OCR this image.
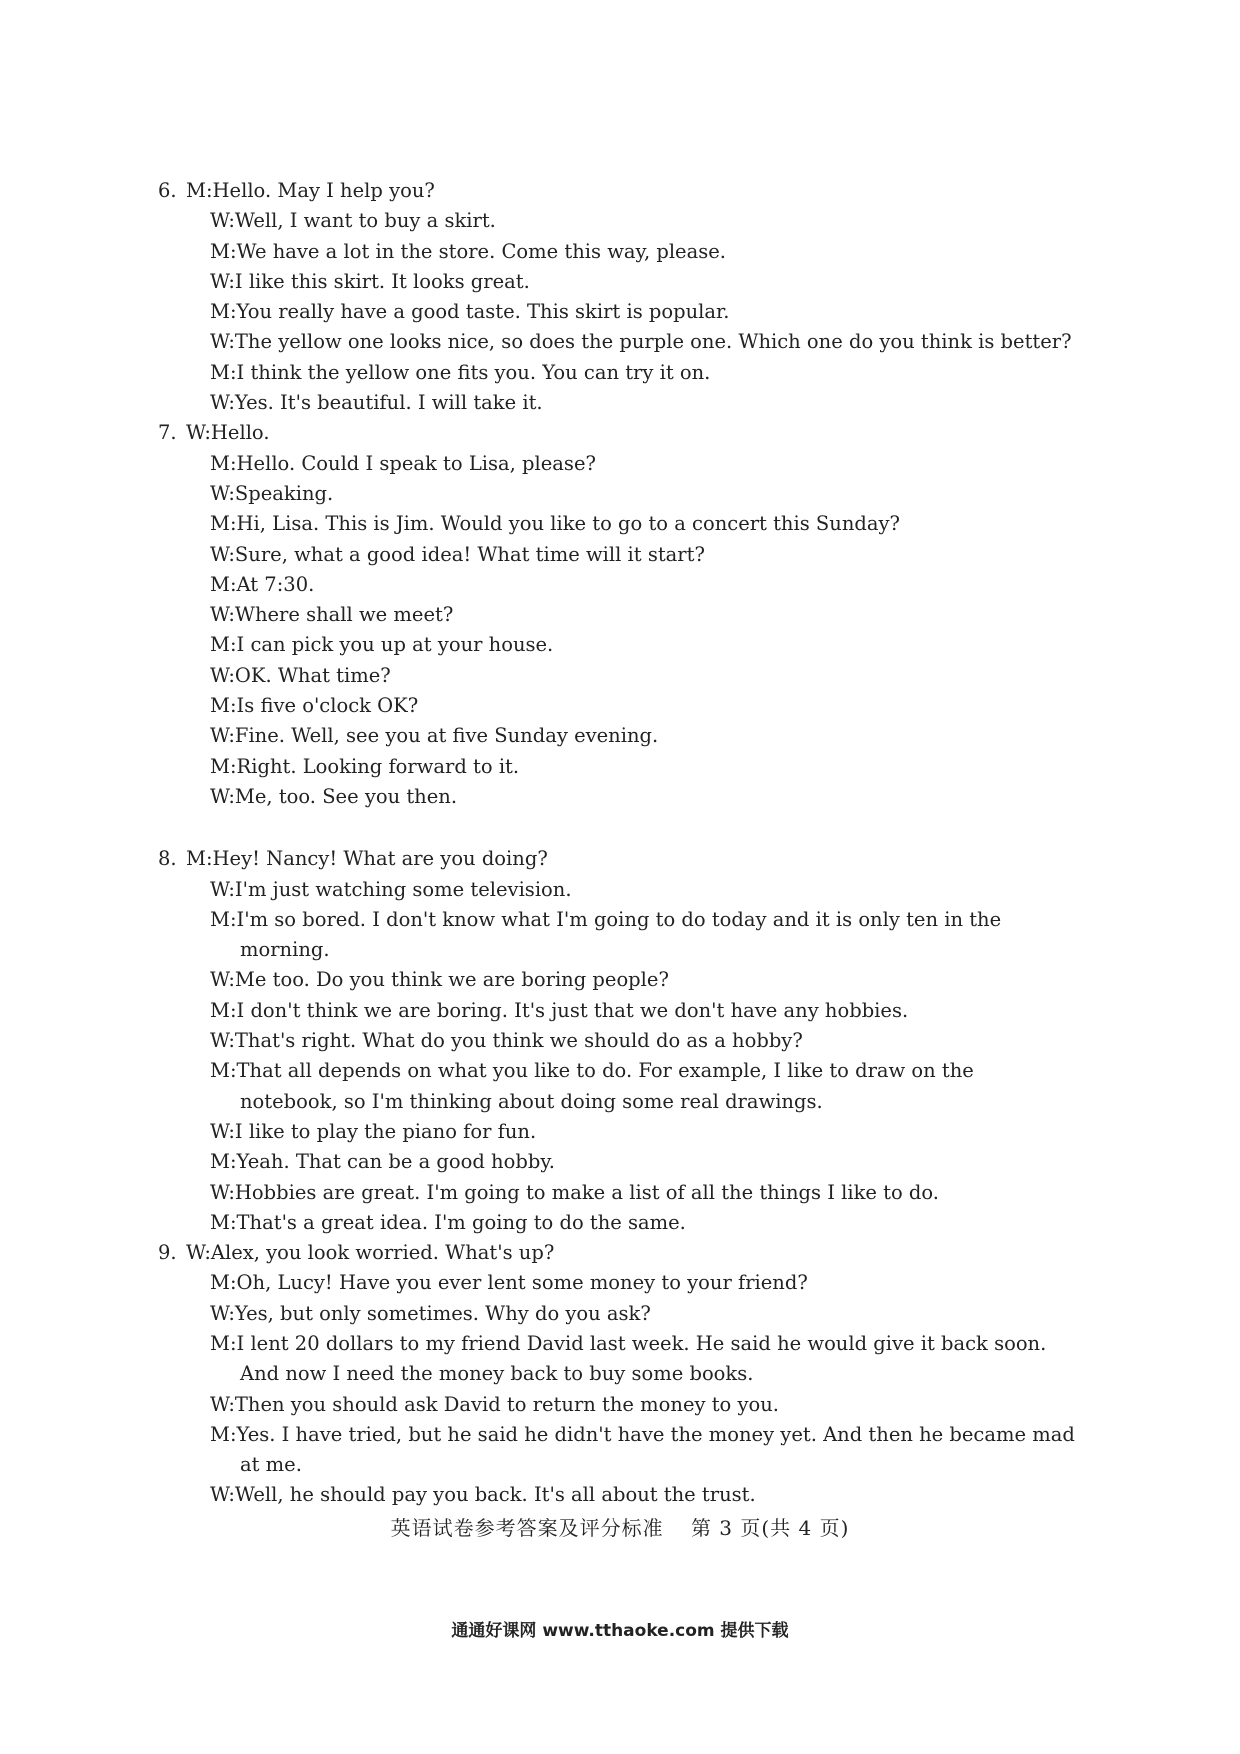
6. M:Hello. May I help you?
W:Well, I want to buy a skirt.
M:We have a lot in the store. Come this way, please.
W:I like this skirt. It looks great.
M:You really have a good taste. This skirt is popular.
W:The yellow one looks nice, so does the purple one. Which one do you think is better?
M:I think the yellow one fits you. You can try it on.
W:Yes. It's beautiful. I will take it.
7. W:Hello.
M:Hello. Could I speak to Lisa, please?
W:Speaking.
M:Hi, Lisa. This is Jim. Would you like to go to a concert this Sunday?
W:Sure, what a good idea! What time will it start?
M:At 7:30.
W:Where shall we meet?
M:I can pick you up at your house.
W:OK. What time?
M:Is five o'clock OK?
W:Fine. Well, see you at five Sunday evening.
M:Right. Looking forward to it.
W:Me, too. See you then.
8. M:Hey! Nancy! What are you doing?
W:I'm just watching some television.
M:I'm so bored. I don't know what I'm going to do today and it is only ten in the
morning.
W:Me too. Do you think we are boring people?
M:I don't think we are boring. It's just that we don't have any hobbies.
W:That's right. What do you think we should do as a hobby?
M:That all depends on what you like to do. For example, I like to draw on the
notebook, so I'm thinking about doing some real drawings.
W:I like to play the piano for fun.
M:Yeah. That can be a good hobby.
W:Hobbies are great. I'm going to make a list of all the things I like to do.
M:That's a great idea. I'm going to do the same.
9. W:Alex, you look worried. What's up?
M:Oh, Lucy! Have you ever lent some money to your friend?
W:Yes, but only sometimes. Why do you ask?
M:I lent 20 dollars to my friend David last week. He said he would give it back soon.
And now I need the money back to buy some books.
W:Then you should ask David to return the money to you.
M:Yes. I have tried, but he said he didn't have the money yet. And then he became mad
at me.
W:Well, he should pay you back. It's all about the trust.
英语试卷参考答案及评分标准 第 3 页(共 4 页)
通通好课网 www.tthaoke.com 提供下载
